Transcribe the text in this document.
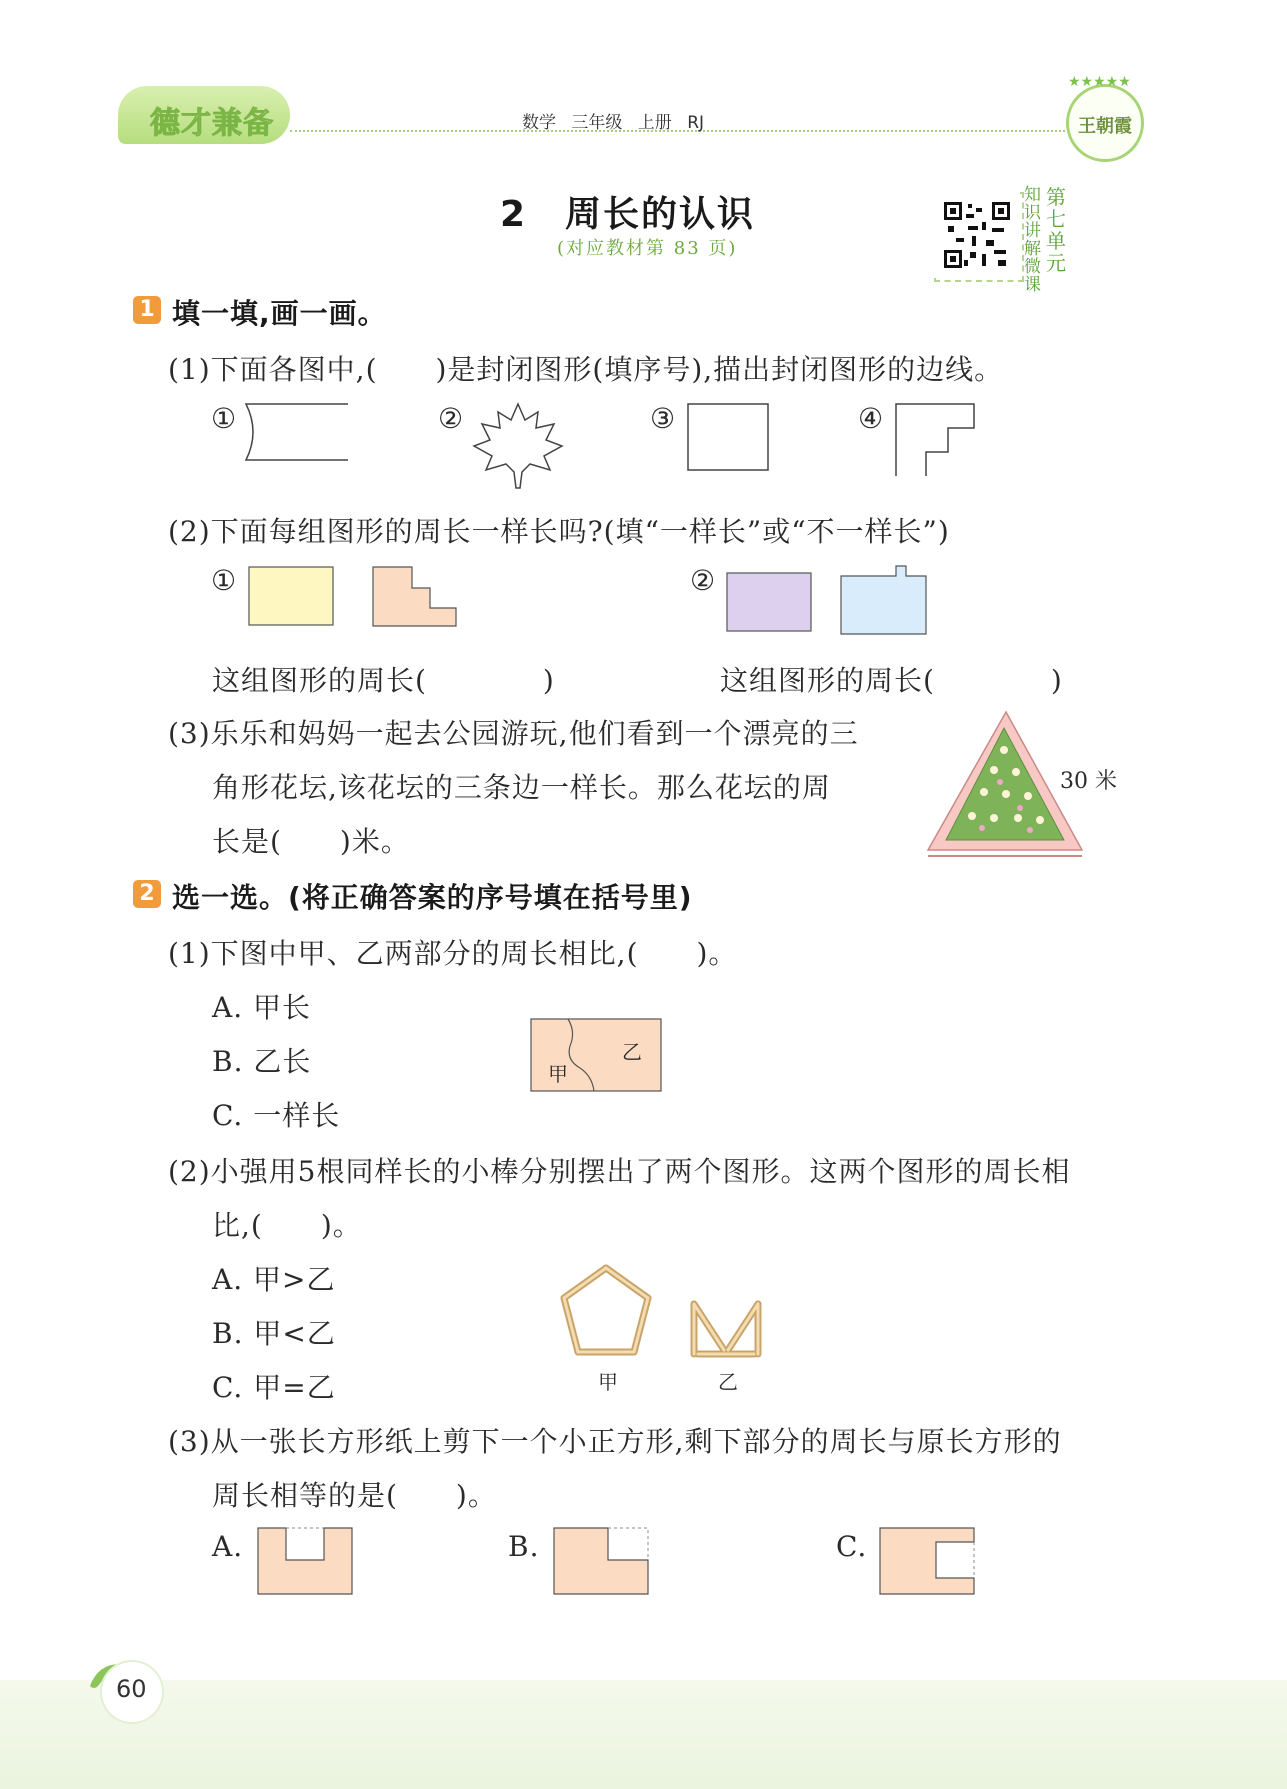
德才兼备	数学 三年级 上册 RJ
★★★★★
王朝霞
2　周长的认识
(对应教材第 83 页)
知识讲解微课
第七单元
1 填一填,画一画。
(1)下面各图中,(　　)是封闭图形(填序号),描出封闭图形的边线。
①	②	③	④
(2)下面每组图形的周长一样长吗?(填“一样长”或“不一样长”)
①	②
这组图形的周长(　　　　)	这组图形的周长(　　　　)
(3)乐乐和妈妈一起去公园游玩,他们看到一个漂亮的三
角形花坛,该花坛的三条边一样长。那么花坛的周
长是(　　)米。
30 米
2 选一选。(将正确答案的序号填在括号里)
(1)下图中甲、乙两部分的周长相比,(　　)。
A. 甲长
B. 乙长
C. 一样长
甲
乙
(2)小强用5根同样长的小棒分别摆出了两个图形。这两个图形的周长相
比,(　　)。
A. 甲>乙
B. 甲<乙
C. 甲=乙	甲	乙
(3)从一张长方形纸上剪下一个小正方形,剩下部分的周长与原长方形的
周长相等的是(　　)。
A.	B.	C.
60
